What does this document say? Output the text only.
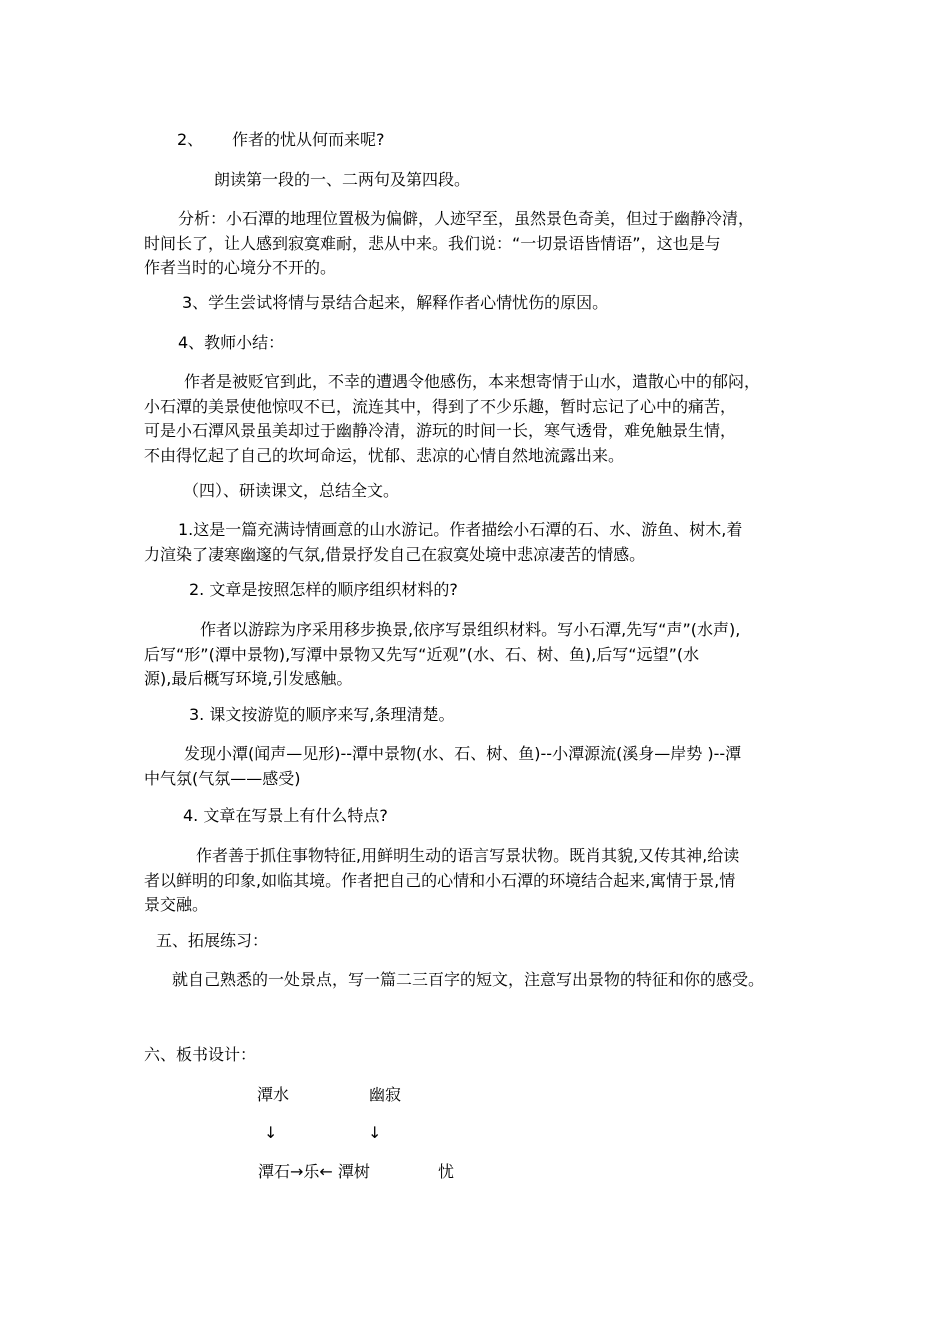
2、 作者的忧从何而来呢?
朗读第一段的一、二两句及第四段。
分析：小石潭的地理位置极为偏僻，人迹罕至，虽然景色奇美，但过于幽静冷清，
时间长了，让人感到寂寞难耐，悲从中来。我们说：“一切景语皆情语”，这也是与
作者当时的心境分不开的。
3、学生尝试将情与景结合起来，解释作者心情忧伤的原因。
4、教师小结：
作者是被贬官到此，不幸的遭遇令他感伤，本来想寄情于山水，遣散心中的郁闷，
小石潭的美景使他惊叹不已，流连其中，得到了不少乐趣，暂时忘记了心中的痛苦，
可是小石潭风景虽美却过于幽静冷清，游玩的时间一长，寒气透骨，难免触景生情，
不由得忆起了自己的坎坷命运，忧郁、悲凉的心情自然地流露出来。
（四）、研读课文，总结全文。
1.这是一篇充满诗情画意的山水游记。作者描绘小石潭的石、水、游鱼、树木,着
力渲染了凄寒幽邃的气氛,借景抒发自己在寂寞处境中悲凉凄苦的情感。
2. 文章是按照怎样的顺序组织材料的?
作者以游踪为序采用移步换景,依序写景组织材料。写小石潭,先写“声”(水声),
后写“形”(潭中景物),写潭中景物又先写“近观”(水、石、树、鱼),后写“远望”(水
源),最后概写环境,引发感触。
3. 课文按游览的顺序来写,条理清楚。
发现小潭(闻声—见形)--潭中景物(水、石、树、鱼)--小潭源流(溪身—岸势 )--潭
中气氛(气氛——感受)
4. 文章在写景上有什么特点?
作者善于抓住事物特征,用鲜明生动的语言写景状物。既肖其貌,又传其神,给读
者以鲜明的印象,如临其境。作者把自己的心情和小石潭的环境结合起来,寓情于景,情
景交融。
五、拓展练习：
就自己熟悉的一处景点，写一篇二三百字的短文，注意写出景物的特征和你的感受。
六、板书设计：
潭水	幽寂
↓	↓
潭石→乐← 潭树	忧
